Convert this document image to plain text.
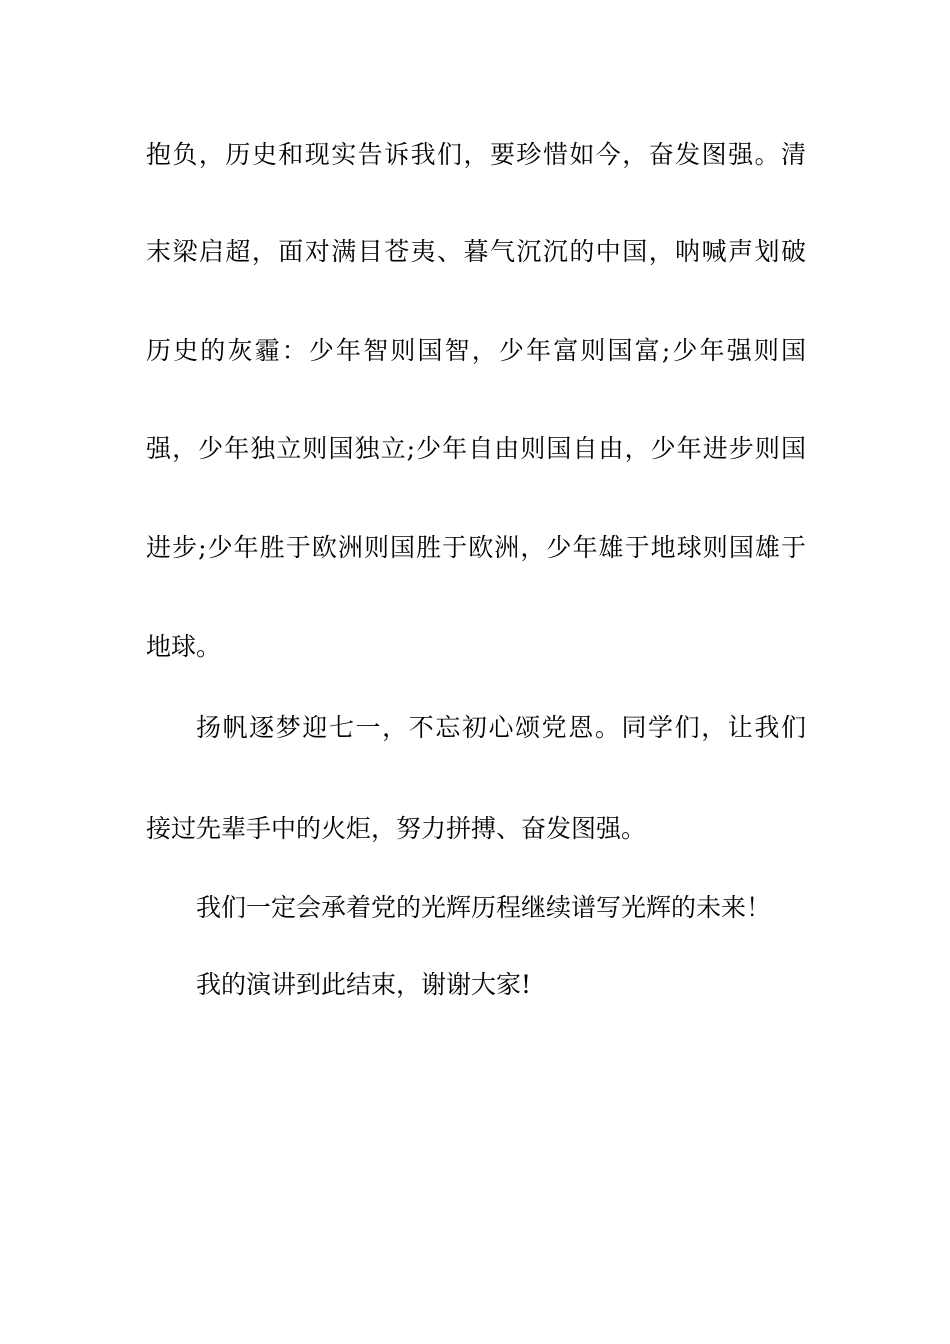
抱负，历史和现实告诉我们，要珍惜如今，奋发图强。清
末梁启超，面对满目苍夷、暮气沉沉的中国，呐喊声划破
历史的灰霾：少年智则国智，少年富则国富;少年强则国
强，少年独立则国独立;少年自由则国自由，少年进步则国
进步;少年胜于欧洲则国胜于欧洲，少年雄于地球则国雄于
地球。
扬帆逐梦迎七一，不忘初心颂党恩。同学们，让我们
接过先辈手中的火炬，努力拼搏、奋发图强。
我们一定会承着党的光辉历程继续谱写光辉的未来！
我的演讲到此结束，谢谢大家!
